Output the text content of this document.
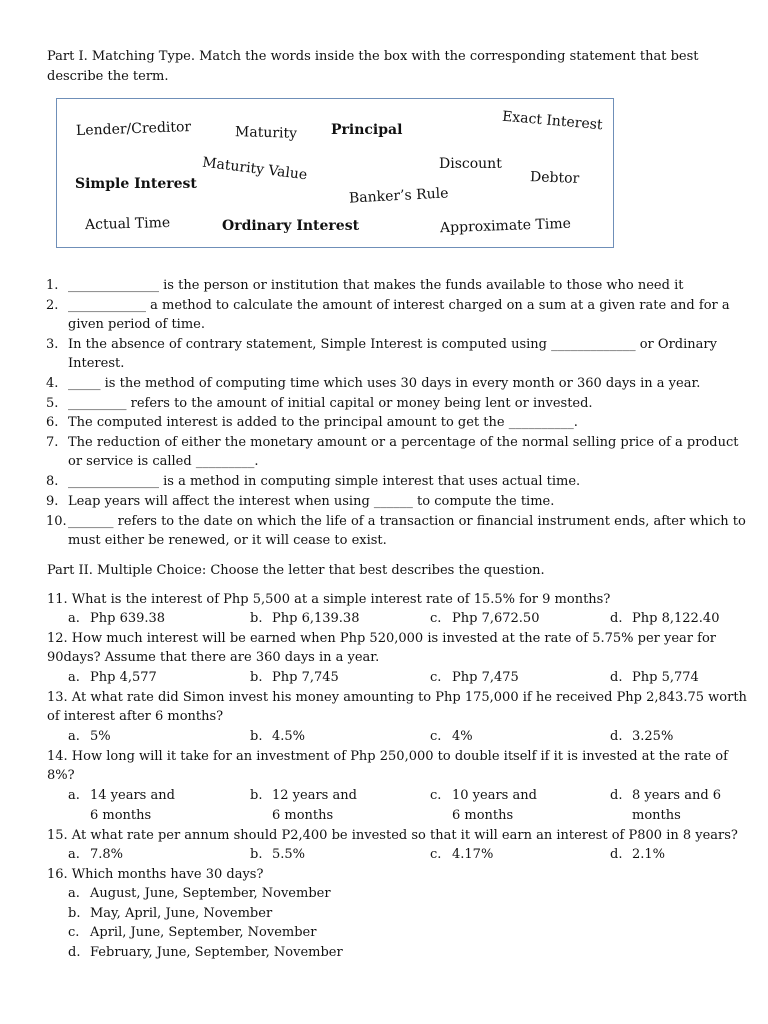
Part I. Matching Type. Match the words inside the box with the corresponding statement that best
describe the term.
Lender/Creditor	Maturity Principal	Exact Interest
Maturity Value	Discount
Debtor
Simple Interest
Banker’s Rule
Actual Time	Ordinary Interest	Approximate Time
1. ______________ is the person or institution that makes the funds available to those who need it
2. ____________ a method to calculate the amount of interest charged on a sum at a given rate and for a
given period of time.
3. In the absence of contrary statement, Simple Interest is computed using _____________ or Ordinary
Interest.
4. _____ is the method of computing time which uses 30 days in every month or 360 days in a year.
5. _________ refers to the amount of initial capital or money being lent or invested.
6. The computed interest is added to the principal amount to get the __________.
7. The reduction of either the monetary amount or a percentage of the normal selling price of a product
or service is called _________.
8. ______________ is a method in computing simple interest that uses actual time.
9. Leap years will affect the interest when using ______ to compute the time.
10. _______ refers to the date on which the life of a transaction or financial instrument ends, after which to
must either be renewed, or it will cease to exist.
Part II. Multiple Choice: Choose the letter that best describes the question.
11. What is the interest of Php 5,500 at a simple interest rate of 15.5% for 9 months?
a. Php 639.38	b. Php 6,139.38	c. Php 7,672.50	d. Php 8,122.40
12. How much interest will be earned when Php 520,000 is invested at the rate of 5.75% per year for
90days? Assume that there are 360 days in a year.
a. Php 4,577	b. Php 7,745	c. Php 7,475	d. Php 5,774
13. At what rate did Simon invest his money amounting to Php 175,000 if he received Php 2,843.75 worth
of interest after 6 months?
a. 5%	b. 4.5%	c. 4%	d. 3.25%
14. How long will it take for an investment of Php 250,000 to double itself if it is invested at the rate of
8%?
a. 14 years and
6 months
b. 12 years and
6 months
c. 10 years and
6 months
d. 8 years and 6
months
15. At what rate per annum should P2,400 be invested so that it will earn an interest of P800 in 8 years?
a. 7.8%	b. 5.5%	c. 4.17%	d. 2.1%
16. Which months have 30 days?
a. August, June, September, November
b. May, April, June, November
c. April, June, September, November
d. February, June, September, November
